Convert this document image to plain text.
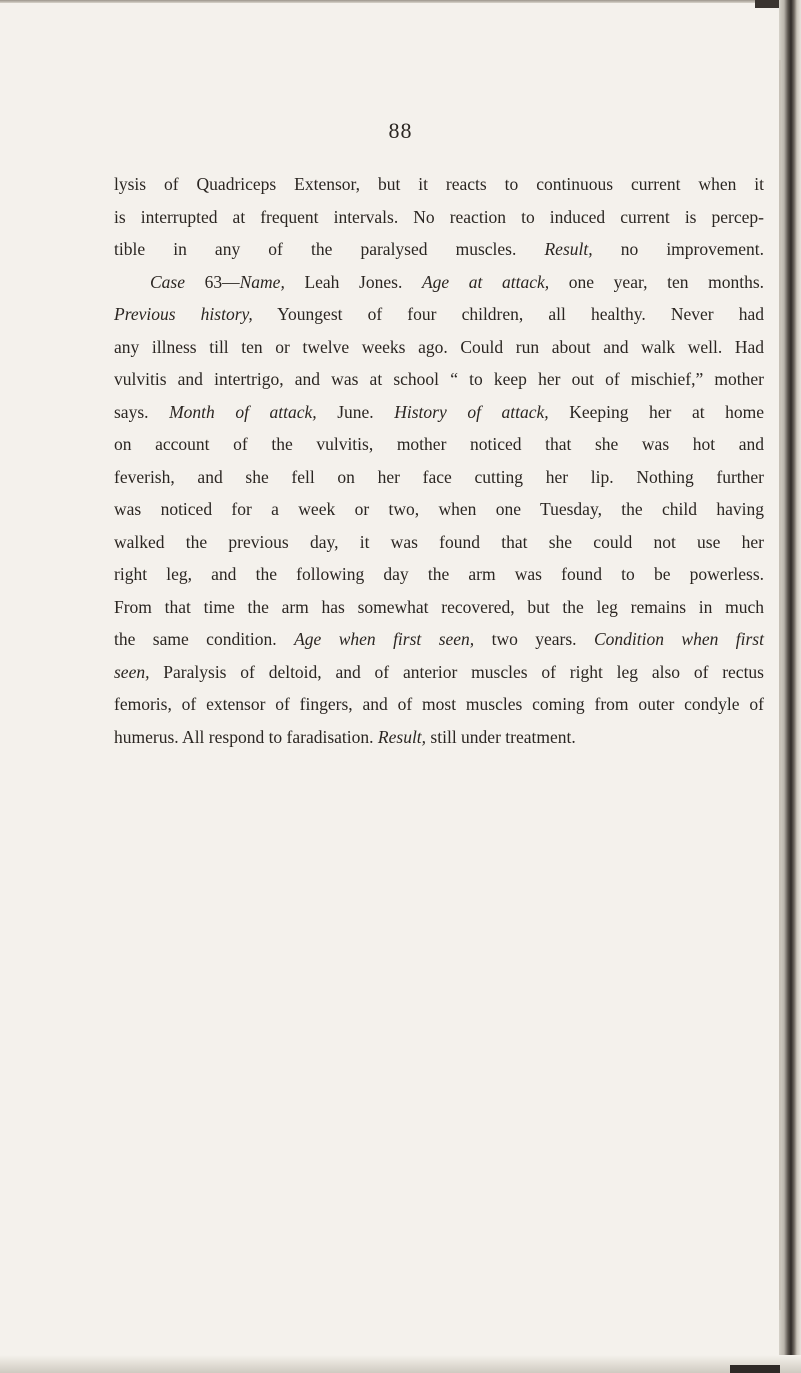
88
lysis of Quadriceps Extensor, but it reacts to continuous current when it
is interrupted at frequent intervals. No reaction to induced current is percep-
tible in any of the paralysed muscles. Result, no improvement.
Case 63—Name, Leah Jones. Age at attack, one year, ten months.
Previous history, Youngest of four children, all healthy. Never had
any illness till ten or twelve weeks ago. Could run about and walk well. Had
vulvitis and intertrigo, and was at school “ to keep her out of mischief,” mother
says. Month of attack, June. History of attack, Keeping her at home
on account of the vulvitis, mother noticed that she was hot and
feverish, and she fell on her face cutting her lip. Nothing further
was noticed for a week or two, when one Tuesday, the child having
walked the previous day, it was found that she could not use her
right leg, and the following day the arm was found to be powerless.
From that time the arm has somewhat recovered, but the leg remains in much
the same condition. Age when first seen, two years. Condition when first
seen, Paralysis of deltoid, and of anterior muscles of right leg also of rectus
femoris, of extensor of fingers, and of most muscles coming from outer condyle of
humerus. All respond to faradisation. Result, still under treatment.
